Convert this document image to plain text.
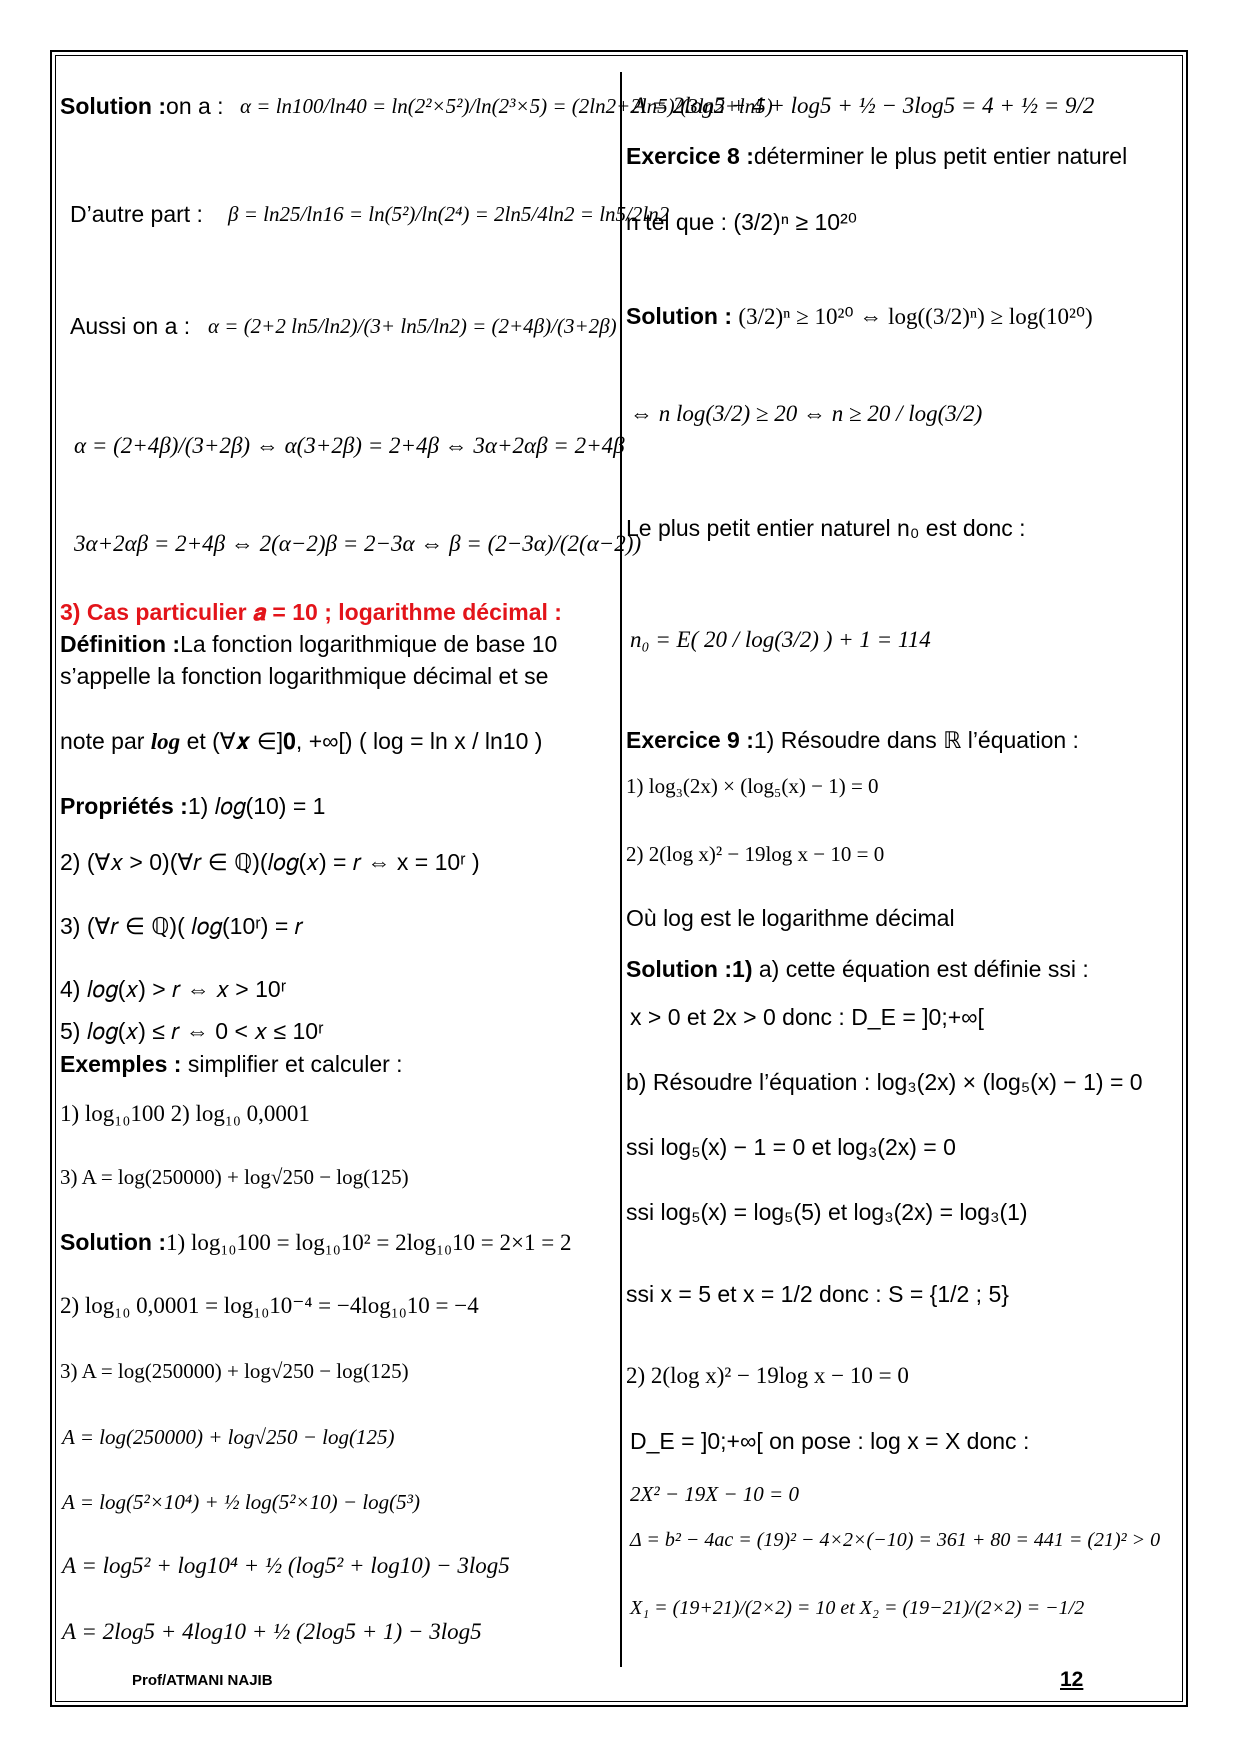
Solution :on a : α = ln100/ln40 = ln(2²×5²)/ln(2³×5) = (2ln2+2ln5)/(3ln2+ln5)
D’autre part : β = ln25/ln16 = ln(5²)/ln(2⁴) = 2ln5/4ln2 = ln5/2ln2
Aussi on a : α = (2+2 ln5/ln2)/(3+ ln5/ln2) = (2+4β)/(3+2β)
α = (2+4β)/(3+2β) ⇔ α(3+2β) = 2+4β ⇔ 3α+2αβ = 2+4β
3α+2αβ = 2+4β ⇔ 2(α−2)β = 2−3α ⇔ β = (2−3α)/(2(α−2))
3) Cas particulier 𝒂 = 10 ; logarithme décimal :
Définition :La fonction logarithmique de base 10
s’appelle la fonction logarithmique décimal et se
note par log et (∀𝒙 ∈]𝟎, +∞[) ( log = ln x / ln10 )
Propriétés :1) 𝑙𝑜𝑔(10) = 1
2) (∀𝑥 > 0)(∀𝑟 ∈ ℚ)(𝑙𝑜𝑔(𝑥) = 𝑟 ⇔ x = 10ʳ )
3) (∀𝑟 ∈ ℚ)( 𝑙𝑜𝑔(10ʳ) = 𝑟
4) 𝑙𝑜𝑔(𝑥) > 𝑟 ⇔ 𝑥 > 10ʳ
5) 𝑙𝑜𝑔(𝑥) ≤ 𝑟 ⇔ 0 < 𝑥 ≤ 10ʳ
Exemples : simplifier et calculer :
1) log₁₀100 2) log₁₀ 0,0001
3) A = log(250000) + log√250 − log(125)
Solution :1) log₁₀100 = log₁₀10² = 2log₁₀10 = 2×1 = 2
2) log₁₀ 0,0001 = log₁₀10⁻⁴ = −4log₁₀10 = −4
3) A = log(250000) + log√250 − log(125)
A = log(250000) + log√250 − log(125)
A = log(5²×10⁴) + ½ log(5²×10) − log(5³)
A = log5² + log10⁴ + ½ (log5² + log10) − 3log5
A = 2log5 + 4log10 + ½ (2log5 + 1) − 3log5
A = 2log5 + 4 + log5 + ½ − 3log5 = 4 + ½ = 9/2
Exercice 8 :déterminer le plus petit entier naturel
n tel que : (3/2)ⁿ ≥ 10²⁰
Solution : (3/2)ⁿ ≥ 10²⁰ ⇔ log((3/2)ⁿ) ≥ log(10²⁰)
⇔ n log(3/2) ≥ 20 ⇔ n ≥ 20 / log(3/2)
Le plus petit entier naturel n₀ est donc :
n₀ = E( 20 / log(3/2) ) + 1 = 114
Exercice 9 :1) Résoudre dans ℝ l’équation :
1) log₃(2x) × (log₅(x) − 1) = 0
2) 2(log x)² − 19log x − 10 = 0
Où log est le logarithme décimal
Solution :1) a) cette équation est définie ssi :
x > 0 et 2x > 0 donc : D_E = ]0;+∞[
b) Résoudre l’équation : log₃(2x) × (log₅(x) − 1) = 0
ssi log₅(x) − 1 = 0 et log₃(2x) = 0
ssi log₅(x) = log₅(5) et log₃(2x) = log₃(1)
ssi x = 5 et x = 1/2 donc : S = {1/2 ; 5}
2) 2(log x)² − 19log x − 10 = 0
D_E = ]0;+∞[ on pose : log x = X donc :
2X² − 19X − 10 = 0
Δ = b² − 4ac = (19)² − 4×2×(−10) = 361 + 80 = 441 = (21)² > 0
X₁ = (19+21)/(2×2) = 10 et X₂ = (19−21)/(2×2) = −1/2
Prof/ATMANI NAJIB	12
